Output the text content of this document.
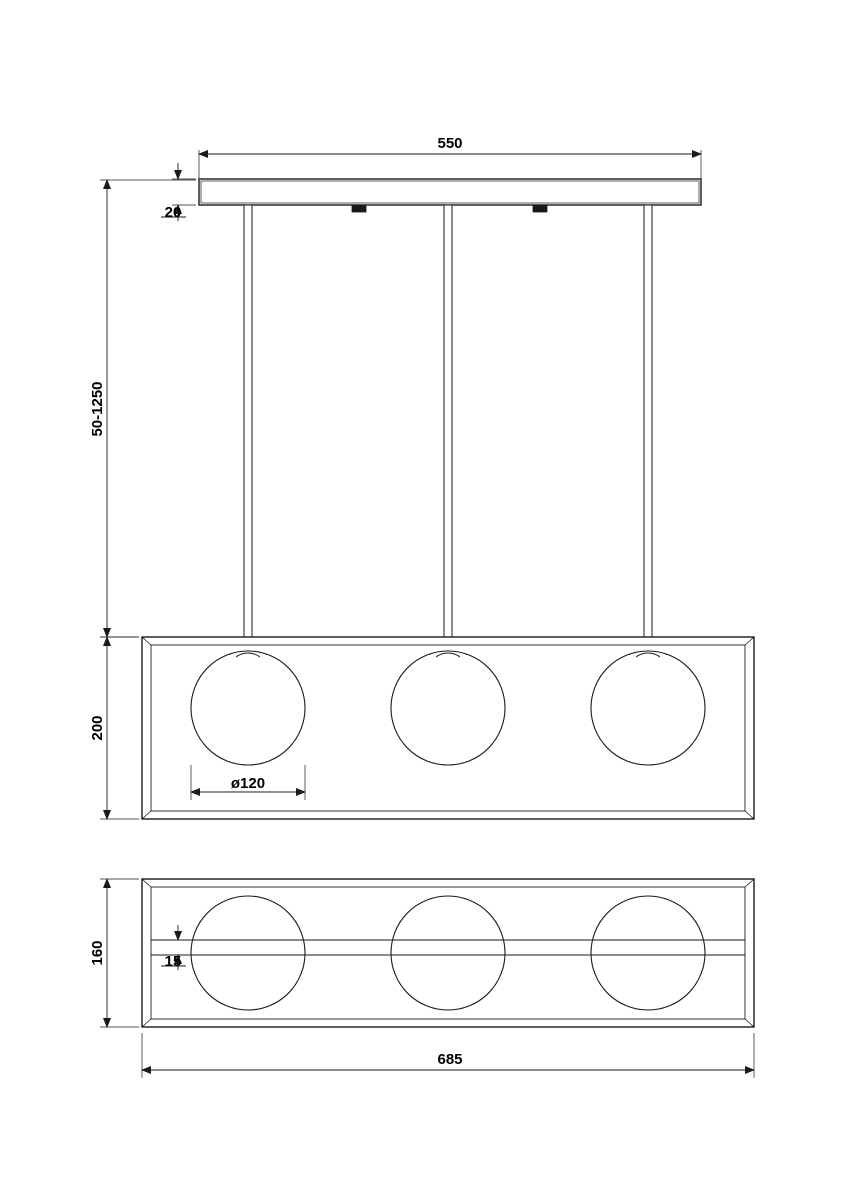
550
20
50-1250
200
ø120
160	15
685
